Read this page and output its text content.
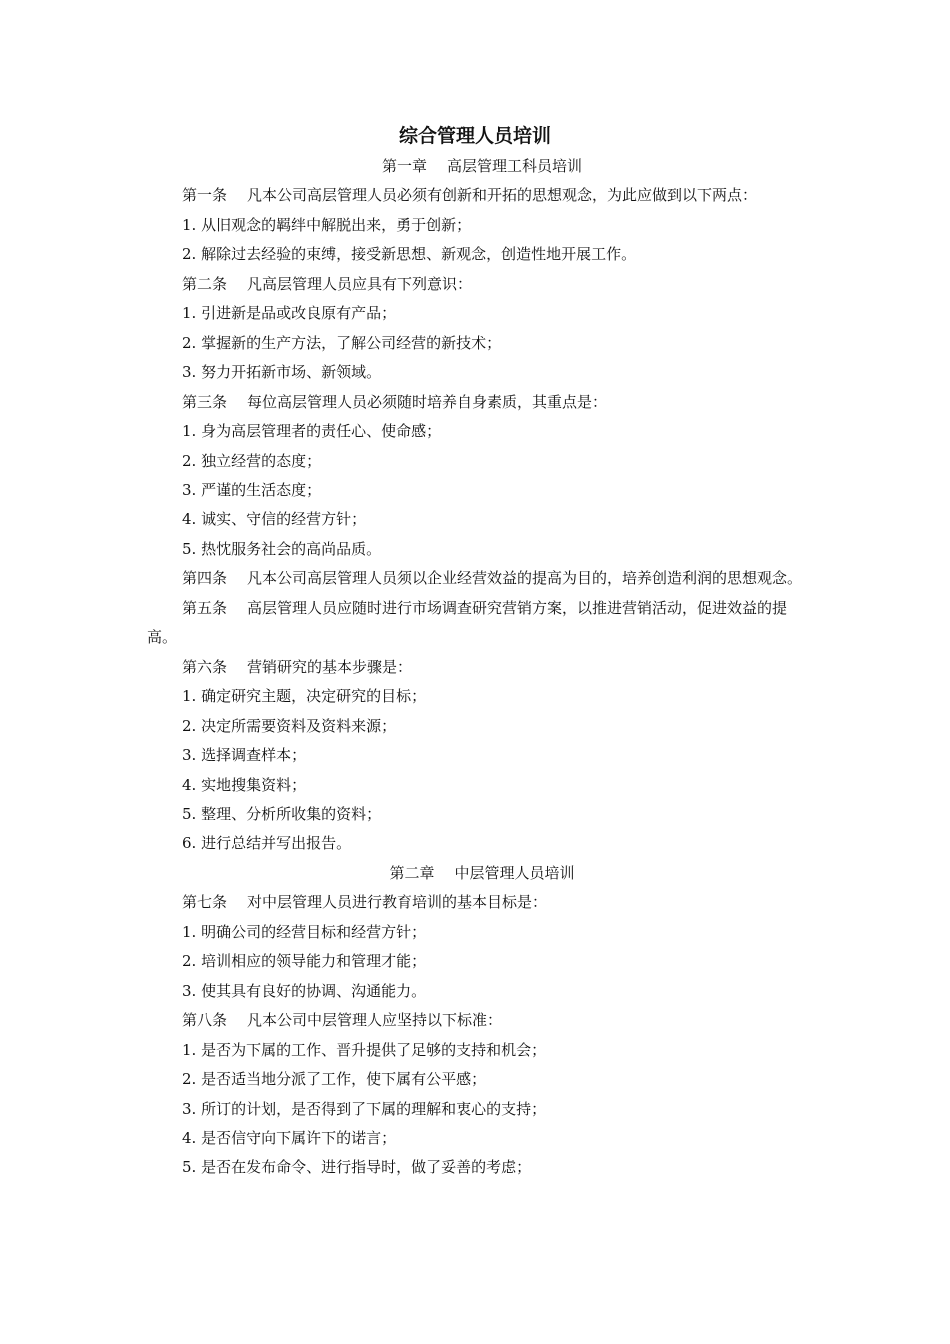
综合管理人员培训
第一章 高层管理工科员培训
第一条 凡本公司高层管理人员必须有创新和开拓的思想观念，为此应做到以下两点：
1. 从旧观念的羁绊中解脱出来，勇于创新；
2. 解除过去经验的束缚，接受新思想、新观念，创造性地开展工作。
第二条 凡高层管理人员应具有下列意识：
1. 引进新是品或改良原有产品；
2. 掌握新的生产方法，了解公司经营的新技术；
3. 努力开拓新市场、新领域。
第三条 每位高层管理人员必须随时培养自身素质，其重点是：
1. 身为高层管理者的责任心、使命感；
2. 独立经营的态度；
3. 严谨的生活态度；
4. 诚实、守信的经营方针；
5. 热忱服务社会的高尚品质。
第四条 凡本公司高层管理人员须以企业经营效益的提高为目的，培养创造利润的思想观念。
第五条 高层管理人员应随时进行市场调查研究营销方案，以推进营销活动，促进效益的提高。
第六条 营销研究的基本步骤是：
1. 确定研究主题，决定研究的目标；
2. 决定所需要资料及资料来源；
3. 选择调查样本；
4. 实地搜集资料；
5. 整理、分析所收集的资料；
6. 进行总结并写出报告。
第二章 中层管理人员培训
第七条 对中层管理人员进行教育培训的基本目标是：
1. 明确公司的经营目标和经营方针；
2. 培训相应的领导能力和管理才能；
3. 使其具有良好的协调、沟通能力。
第八条 凡本公司中层管理人应坚持以下标准：
1. 是否为下属的工作、晋升提供了足够的支持和机会；
2. 是否适当地分派了工作，使下属有公平感；
3. 所订的计划，是否得到了下属的理解和衷心的支持；
4. 是否信守向下属许下的诺言；
5. 是否在发布命令、进行指导时，做了妥善的考虑；
